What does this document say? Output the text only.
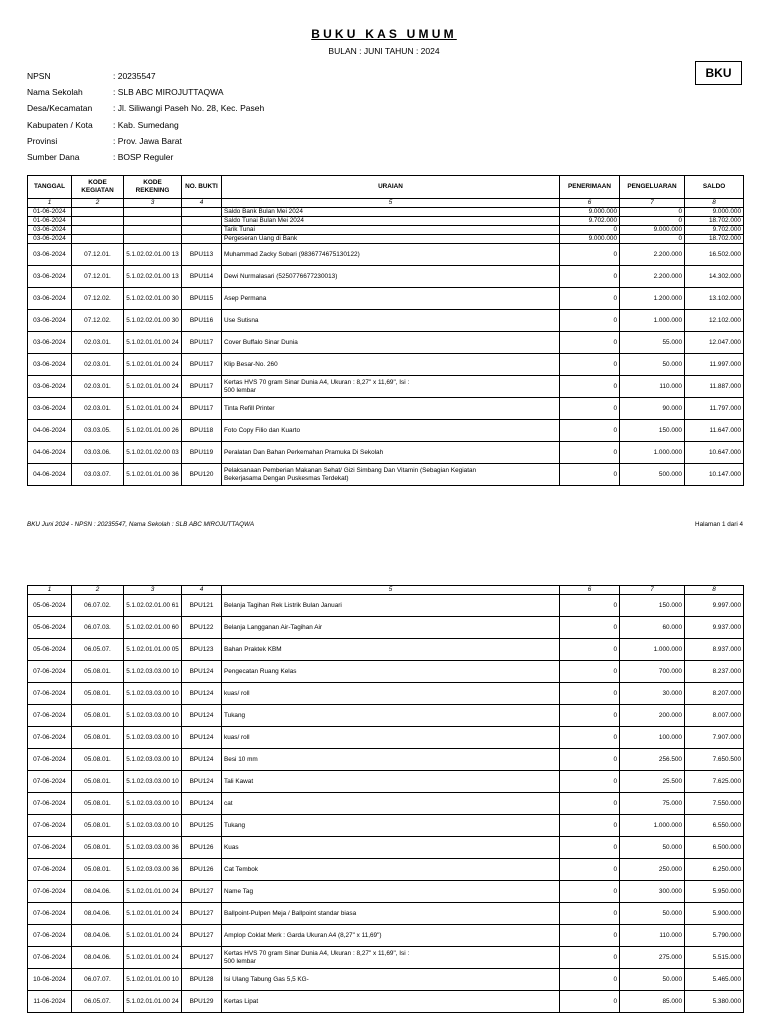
BUKU KAS UMUM
BULAN : JUNI TAHUN : 2024
BKU
NPSN	: 20235547
Nama Sekolah	: SLB ABC MIROJUTTAQWA
Desa/Kecamatan : Jl. Siliwangi Paseh No. 28, Kec. Paseh
Kabupaten / Kota : Kab. Sumedang
Provinsi	: Prov. Jawa Barat
Sumber Dana	: BOSP Reguler
TANGGAL	KODE KEGIATAN	KODE REKENING	NO. BUKTI	URAIAN	PENERIMAAN	PENGELUARAN	SALDO
1	2	3	4	5	6	7	8
01-06-2024				Saldo Bank Bulan Mei 2024	9.000.000	0	9.000.000
01-06-2024				Saldo Tunai Bulan Mei 2024	9.702.000	0	18.702.000
03-06-2024				Tarik Tunai	0	9.000.000	9.702.000
03-06-2024				Pergeseran Uang di Bank	9.000.000	0	18.702.000
03-06-2024	07.12.01.	5.1.02.02.01.00 13	BPU113	Muhammad Zacky Sobari (9836774675130122)	0	2.200.000	16.502.000
03-06-2024	07.12.01.	5.1.02.02.01.00 13	BPU114	Dewi Nurmalasari (5250776677230013)	0	2.200.000	14.302.000
03-06-2024	07.12.02.	5.1.02.02.01.00 30	BPU115	Asep Permana	0	1.200.000	13.102.000
03-06-2024	07.12.02.	5.1.02.02.01.00 30	BPU116	Use Sutisna	0	1.000.000	12.102.000
03-06-2024	02.03.01.	5.1.02.01.01.00 24	BPU117	Cover Buffalo Sinar Dunia	0	55.000	12.047.000
03-06-2024	02.03.01.	5.1.02.01.01.00 24	BPU117	Klip Besar-No. 260	0	50.000	11.997.000
03-06-2024	02.03.01.	5.1.02.01.01.00 24	BPU117	Kertas HVS 70 gram Sinar Dunia A4, Ukuran : 8,27" x 11,69", Isi :
500 lembar	0	110.000	11.887.000
03-06-2024	02.03.01.	5.1.02.01.01.00 24	BPU117	Tinta Refill Printer	0	90.000	11.797.000
04-06-2024	03.03.05.	5.1.02.01.01.00 26	BPU118	Foto Copy Filio dan Kuarto	0	150.000	11.647.000
04-06-2024	03.03.06.	5.1.02.01.02.00 03	BPU119	Peralatan Dan Bahan Perkemahan Pramuka Di Sekolah	0	1.000.000	10.647.000
04-06-2024	03.03.07.	5.1.02.01.01.00 36	BPU120	Pelaksanaan Pemberian Makanan Sehat/ Gizi Simbang Dan Vitamin (Sebagian Kegiatan
Bekerjasama Dengan Puskesmas Terdekat)	0	500.000	10.147.000
BKU Juni 2024 - NPSN : 20235547, Nama Sekolah : SLB ABC MIROJUTTAQWA	Halaman 1 dari 4
1	2	3	4	5	6	7	8
05-06-2024	06.07.02.	5.1.02.02.01.00 61	BPU121	Belanja Tagihan Rek Listrik Bulan Januari	0	150.000	9.997.000
05-06-2024	06.07.03.	5.1.02.02.01.00 60	BPU122	Belanja Langganan Air-Tagihan Air	0	60.000	9.937.000
05-06-2024	06.05.07.	5.1.02.01.01.00 05	BPU123	Bahan Praktek KBM	0	1.000.000	8.937.000
07-06-2024	05.08.01.	5.1.02.03.03.00 10	BPU124	Pengecatan Ruang Kelas	0	700.000	8.237.000
07-06-2024	05.08.01.	5.1.02.03.03.00 10	BPU124	kuas/ roll	0	30.000	8.207.000
07-06-2024	05.08.01.	5.1.02.03.03.00 10	BPU124	Tukang	0	200.000	8.007.000
07-06-2024	05.08.01.	5.1.02.03.03.00 10	BPU124	kuas/ roll	0	100.000	7.907.000
07-06-2024	05.08.01.	5.1.02.03.03.00 10	BPU124	Besi 10 mm	0	256.500	7.650.500
07-06-2024	05.08.01.	5.1.02.03.03.00 10	BPU124	Tali Kawat	0	25.500	7.625.000
07-06-2024	05.08.01.	5.1.02.03.03.00 10	BPU124	cat	0	75.000	7.550.000
07-06-2024	05.08.01.	5.1.02.03.03.00 10	BPU125	Tukang	0	1.000.000	6.550.000
07-06-2024	05.08.01.	5.1.02.03.03.00 36	BPU126	Kuas	0	50.000	6.500.000
07-06-2024	05.08.01.	5.1.02.03.03.00 36	BPU126	Cat Tembok	0	250.000	6.250.000
07-06-2024	08.04.06.	5.1.02.01.01.00 24	BPU127	Name Tag	0	300.000	5.950.000
07-06-2024	08.04.06.	5.1.02.01.01.00 24	BPU127	Ballpoint-Pulpen Meja / Ballpoint standar biasa	0	50.000	5.900.000
07-06-2024	08.04.06.	5.1.02.01.01.00 24	BPU127	Amplop Coklat Merk : Garda Ukuran A4 (8,27" x 11,69")	0	110.000	5.790.000
07-06-2024	08.04.06.	5.1.02.01.01.00 24	BPU127	Kertas HVS 70 gram Sinar Dunia A4, Ukuran : 8,27" x 11,69", Isi :
500 lembar	0	275.000	5.515.000
10-06-2024	06.07.07.	5.1.02.01.01.00 10	BPU128	Isi Ulang Tabung Gas 5,5 KG-	0	50.000	5.465.000
11-06-2024	06.05.07.	5.1.02.01.01.00 24	BPU129	Kertas Lipat	0	85.000	5.380.000
